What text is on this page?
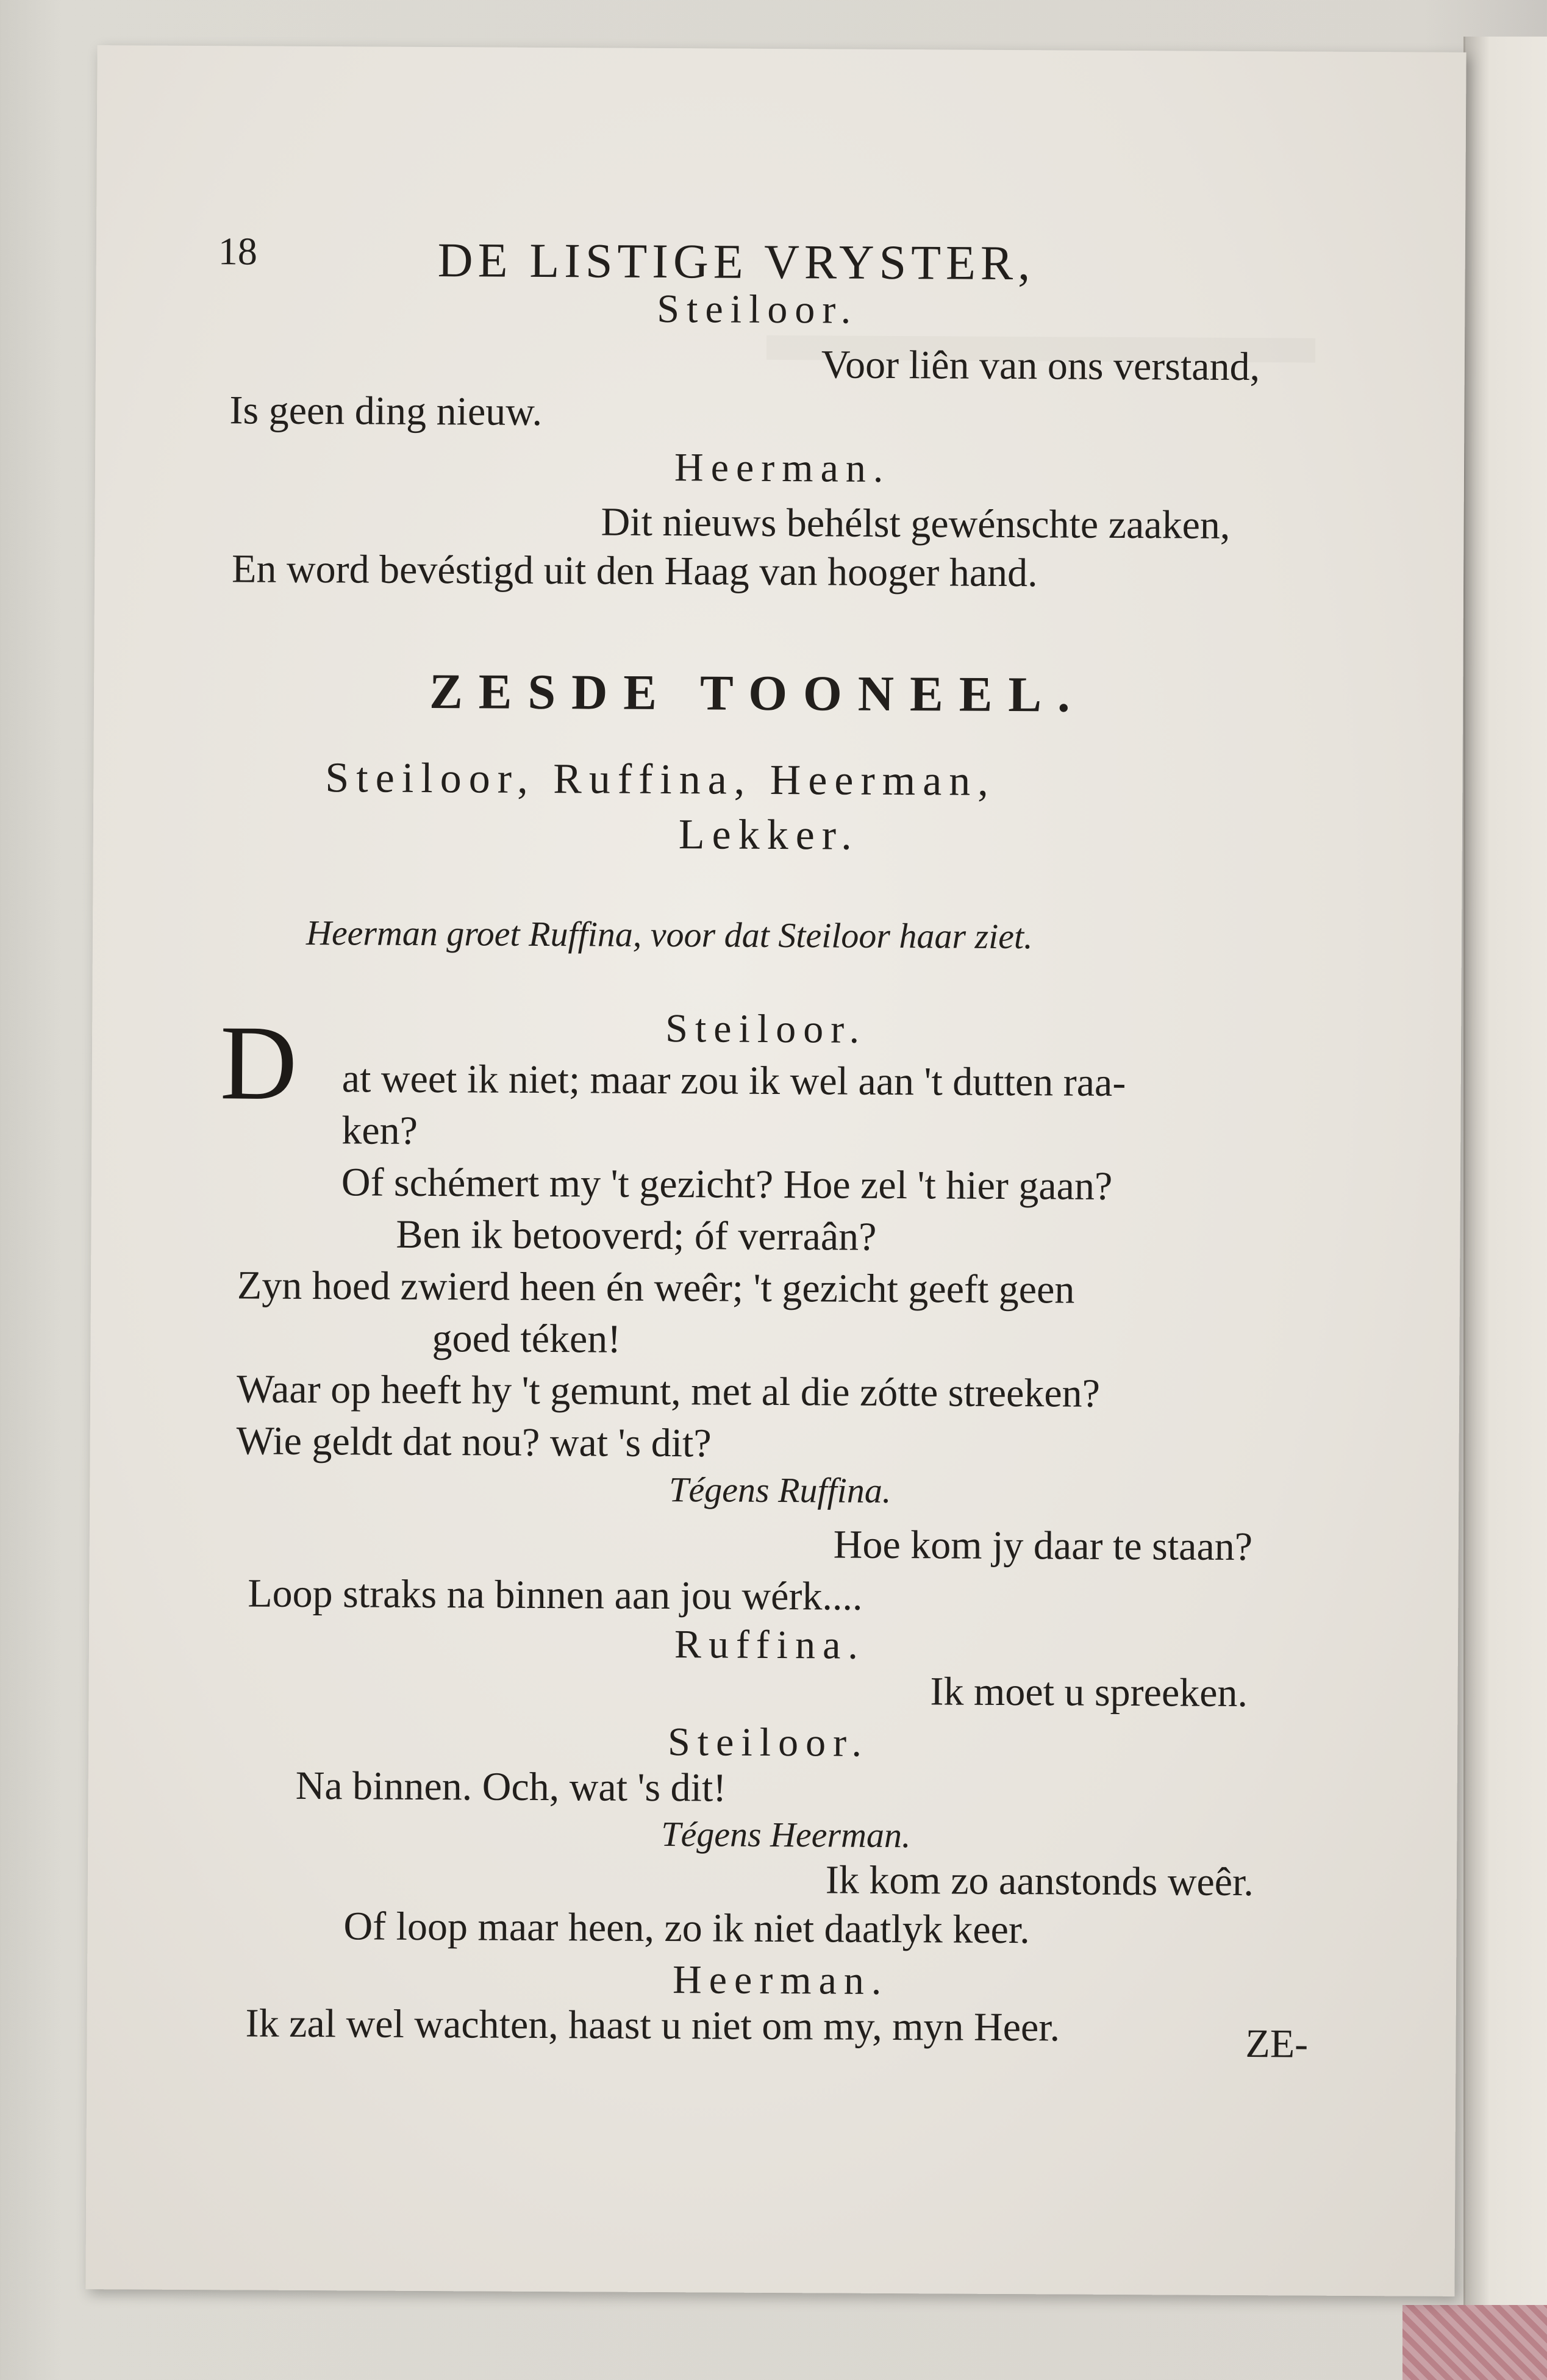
18	DE LISTIGE VRYSTER,
Steiloor.
Voor liên van ons verstand,
Is geen ding nieuw.
Heerman.
Dit nieuws behélst gewénschte zaaken,
En word bevéstigd uit den Haag van hooger hand.
ZESDE TOONEEL.
Steiloor, Ruffina, Heerman,
Lekker.
Heerman groet Ruffina, voor dat Steiloor haar ziet.
Steiloor.
D at weet ik niet; maar zou ik wel aan 't dutten raa-
ken?
Of schémert my 't gezicht? Hoe zel 't hier gaan?
Ben ik betooverd; óf verraân?
Zyn hoed zwierd heen én weêr; 't gezicht geeft geen
goed téken!
Waar op heeft hy 't gemunt, met al die zótte streeken?
Wie geldt dat nou? wat 's dit?
Tégens Ruffina.
Hoe kom jy daar te staan?
Loop straks na binnen aan jou wérk....
Ruffina.
Ik moet u spreeken.
Steiloor.
Na binnen. Och, wat 's dit!
Tégens Heerman.
Ik kom zo aanstonds weêr.
Of loop maar heen, zo ik niet daatlyk keer.
Heerman.
Ik zal wel wachten, haast u niet om my, myn Heer.	ZE-
